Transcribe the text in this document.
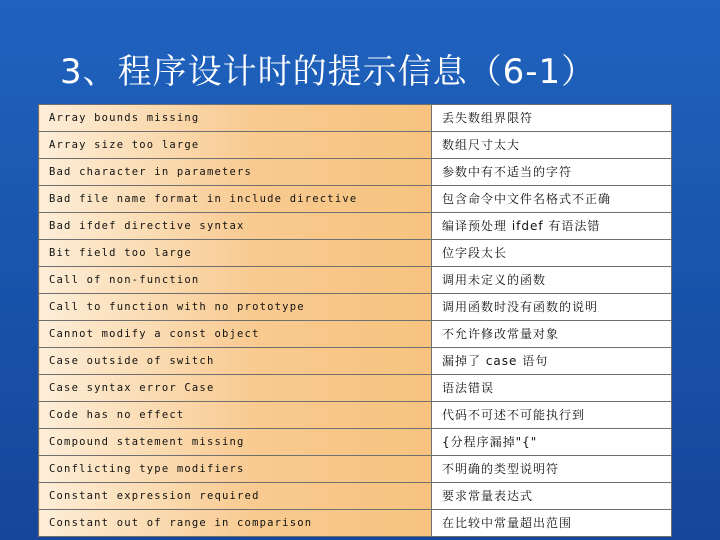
3、程序设计时的提示信息（6-1）
Array bounds missing	丢失数组界限符
Array size too large	数组尺寸太大
Bad character in parameters	参数中有不适当的字符
Bad file name format in include directive	包含命令中文件名格式不正确
Bad ifdef directive syntax	编译预处理 ifdef 有语法错
Bit field too large	位字段太长
Call of non-function	调用未定义的函数
Call to function with no prototype	调用函数时没有函数的说明
Cannot modify a const object	不允许修改常量对象
Case outside of switch	漏掉了 case 语句
Case syntax error Case	语法错误
Code has no effect	代码不可述不可能执行到
Compound statement missing	{分程序漏掉"{"
Conflicting type modifiers	不明确的类型说明符
Constant expression required	要求常量表达式
Constant out of range in comparison	在比较中常量超出范围
